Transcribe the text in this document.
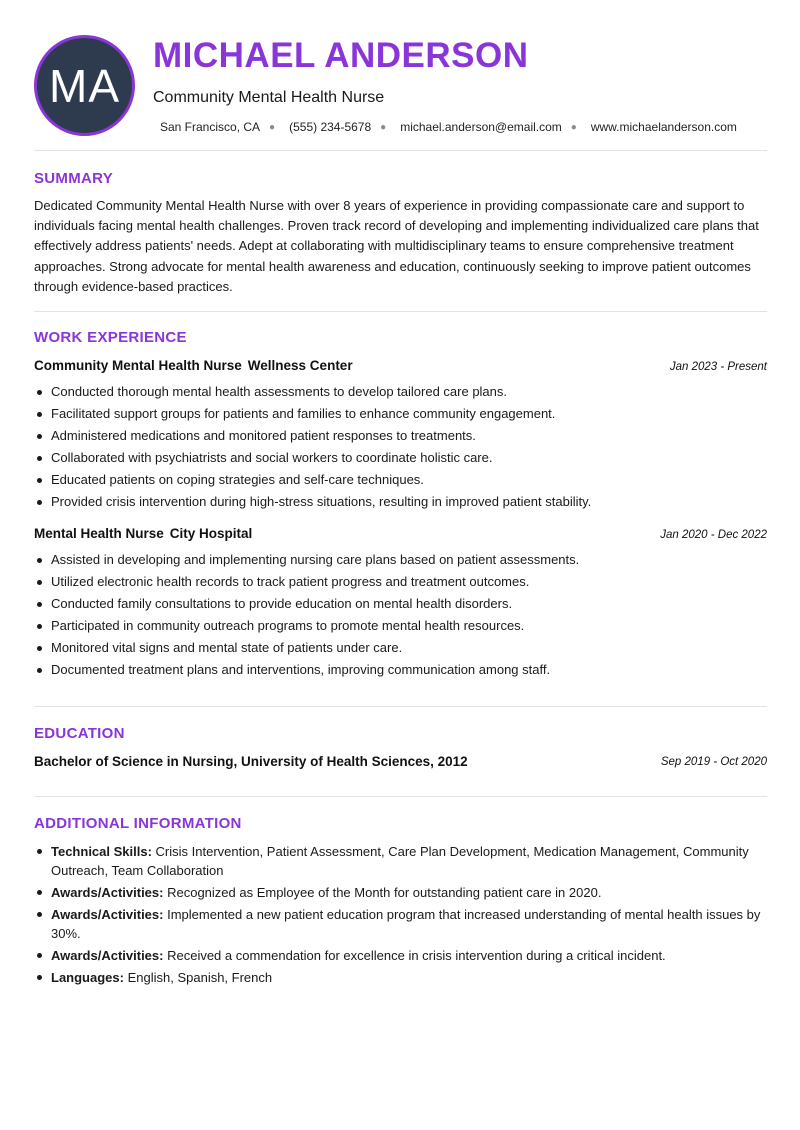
MA
MICHAEL ANDERSON
Community Mental Health Nurse
San Francisco, CA ● (555) 234-5678 ● michael.anderson@email.com ● www.michaelanderson.com
SUMMARY

Dedicated Community Mental Health Nurse with over 8 years of experience in providing compassionate care and support to individuals facing mental health challenges. Proven track record of developing and implementing individualized care plans that effectively address patients' needs. Adept at collaborating with multidisciplinary teams to ensure comprehensive treatment approaches. Strong advocate for mental health awareness and education, continuously seeking to improve patient outcomes through evidence-based practices.

WORK EXPERIENCE
Community Mental Health Nurse Wellness Center	Jan 2023 - Present
Conducted thorough mental health assessments to develop tailored care plans.
Facilitated support groups for patients and families to enhance community engagement.
Administered medications and monitored patient responses to treatments.
Collaborated with psychiatrists and social workers to coordinate holistic care.
Educated patients on coping strategies and self-care techniques.
Provided crisis intervention during high-stress situations, resulting in improved patient stability.
Mental Health Nurse City Hospital	Jan 2020 - Dec 2022
Assisted in developing and implementing nursing care plans based on patient assessments.
Utilized electronic health records to track patient progress and treatment outcomes.
Conducted family consultations to provide education on mental health disorders.
Participated in community outreach programs to promote mental health resources.
Monitored vital signs and mental state of patients under care.
Documented treatment plans and interventions, improving communication among staff.
EDUCATION
Bachelor of Science in Nursing, University of Health Sciences, 2012	Sep 2019 - Oct 2020
ADDITIONAL INFORMATION
Technical Skills: Crisis Intervention, Patient Assessment, Care Plan Development, Medication Management, Community Outreach, Team Collaboration
Awards/Activities: Recognized as Employee of the Month for outstanding patient care in 2020.
Awards/Activities: Implemented a new patient education program that increased understanding of mental health issues by 30%.
Awards/Activities: Received a commendation for excellence in crisis intervention during a critical incident.
Languages: English, Spanish, French
